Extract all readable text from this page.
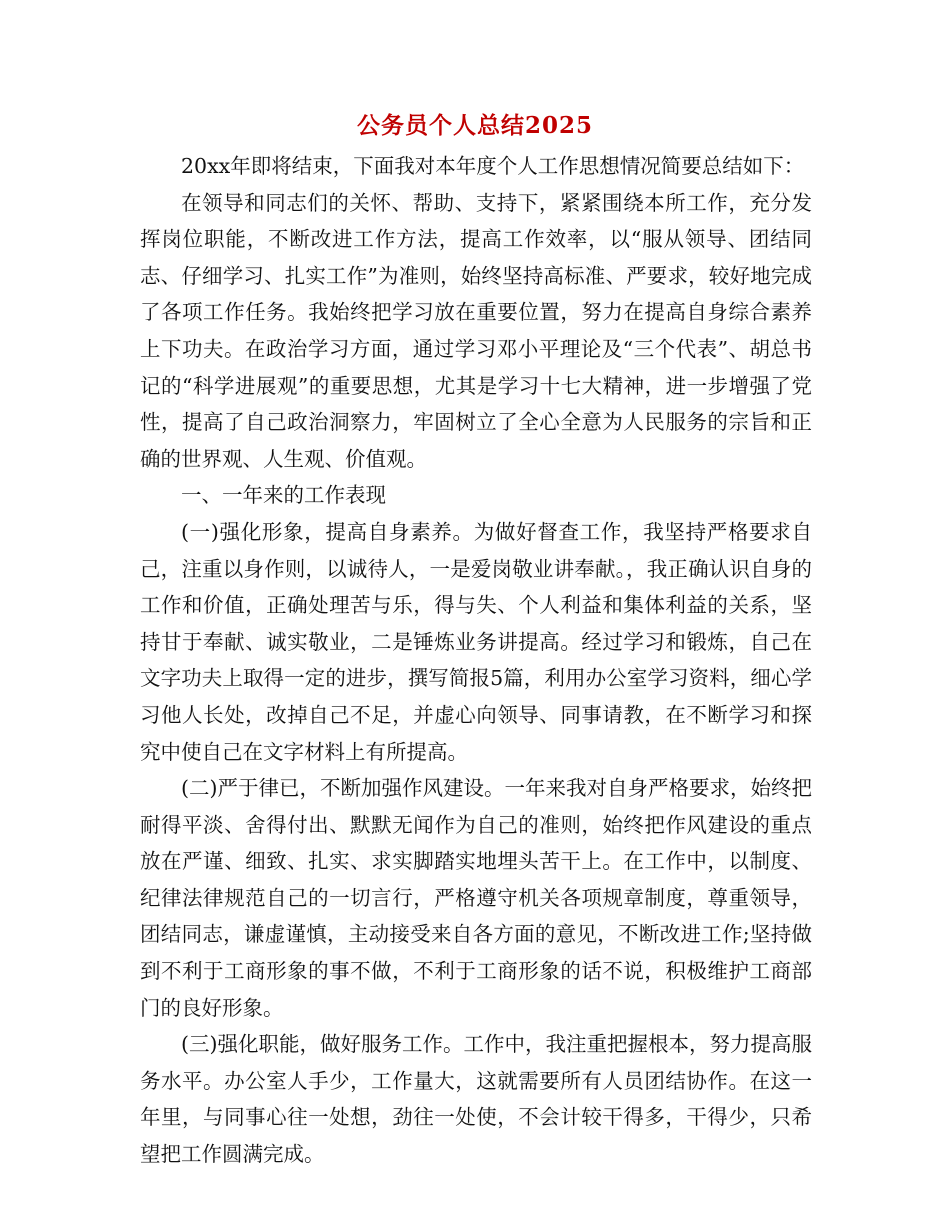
公务员个人总结2025

20xx年即将结束，下面我对本年度个人工作思想情况简要总结如下：

在领导和同志们的关怀、帮助、支持下，紧紧围绕本所工作，充分发挥岗位职能，不断改进工作方法，提高工作效率，以“服从领导、团结同志、仔细学习、扎实工作”为准则，始终坚持高标准、严要求，较好地完成了各项工作任务。我始终把学习放在重要位置，努力在提高自身综合素养上下功夫。在政治学习方面，通过学习邓小平理论及“三个代表”、胡总书记的“科学进展观”的重要思想，尤其是学习十七大精神，进一步增强了党性，提高了自己政治洞察力，牢固树立了全心全意为人民服务的宗旨和正确的世界观、人生观、价值观。

一、一年来的工作表现

(一)强化形象，提高自身素养。为做好督查工作，我坚持严格要求自己，注重以身作则，以诚待人，一是爱岗敬业讲奉献。，我正确认识自身的工作和价值，正确处理苦与乐，得与失、个人利益和集体利益的关系，坚持甘于奉献、诚实敬业，二是锤炼业务讲提高。经过学习和锻炼，自己在文字功夫上取得一定的进步，撰写简报5篇，利用办公室学习资料，细心学习他人长处，改掉自己不足，并虚心向领导、同事请教，在不断学习和探究中使自己在文字材料上有所提高。

(二)严于律已，不断加强作风建设。一年来我对自身严格要求，始终把耐得平淡、舍得付出、默默无闻作为自己的准则，始终把作风建设的重点放在严谨、细致、扎实、求实脚踏实地埋头苦干上。在工作中，以制度、纪律法律规范自己的一切言行，严格遵守机关各项规章制度，尊重领导，团结同志，谦虚谨慎，主动接受来自各方面的意见，不断改进工作;坚持做到不利于工商形象的事不做，不利于工商形象的话不说，积极维护工商部门的良好形象。

(三)强化职能，做好服务工作。工作中，我注重把握根本，努力提高服务水平。办公室人手少，工作量大，这就需要所有人员团结协作。在这一年里，与同事心往一处想，劲往一处使，不会计较干得多，干得少，只希望把工作圆满完成。
